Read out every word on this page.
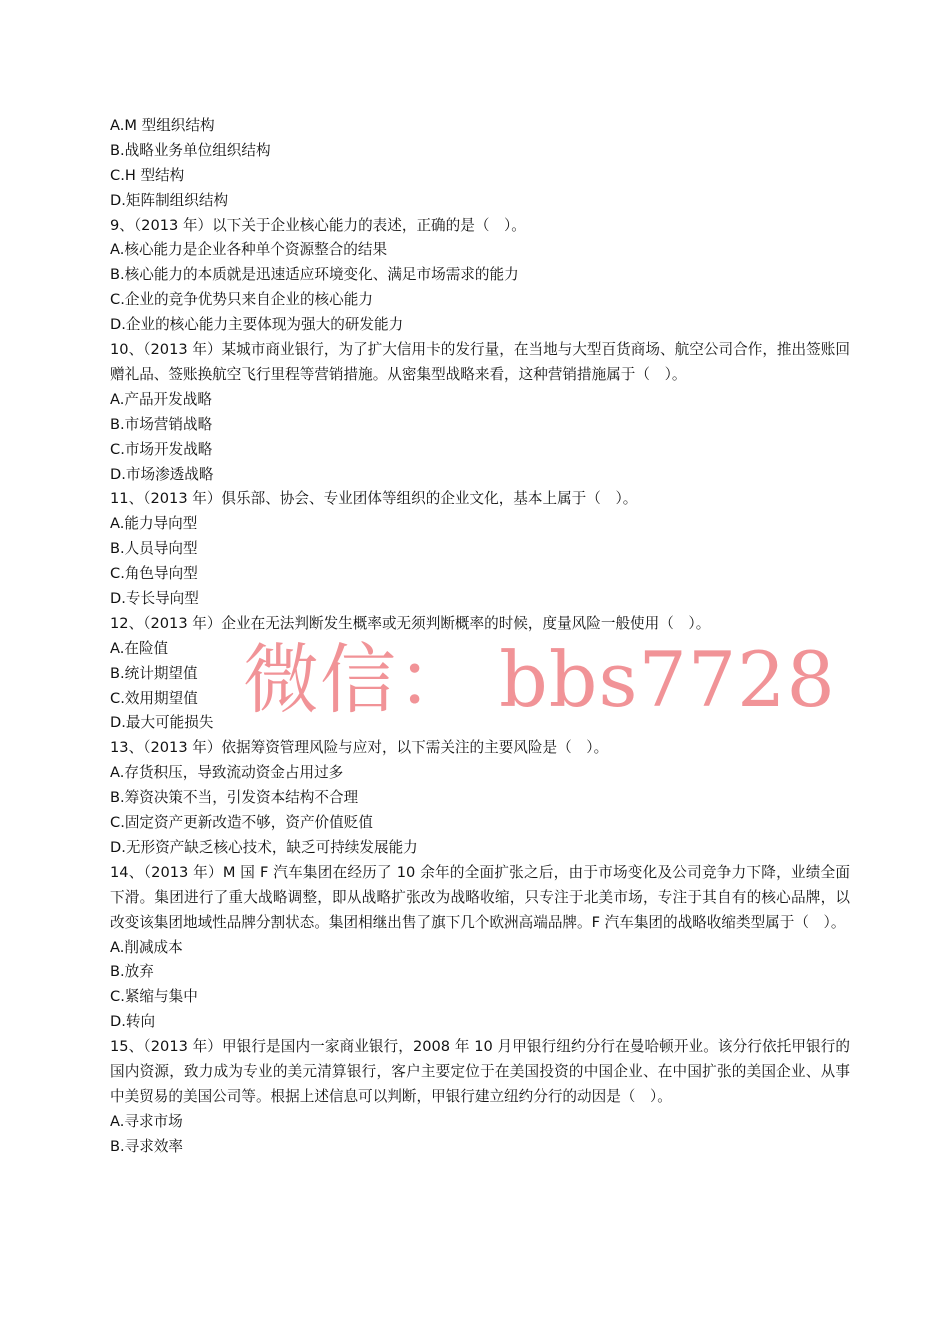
A.M 型组织结构
B.战略业务单位组织结构
C.H 型结构
D.矩阵制组织结构
9、（2013 年）以下关于企业核心能力的表述，正确的是（　）。
A.核心能力是企业各种单个资源整合的结果
B.核心能力的本质就是迅速适应环境变化、满足市场需求的能力
C.企业的竞争优势只来自企业的核心能力
D.企业的核心能力主要体现为强大的研发能力
10、（2013 年）某城市商业银行，为了扩大信用卡的发行量，在当地与大型百货商场、航空公司合作，推出签账回赠礼品、签账换航空飞行里程等营销措施。从密集型战略来看，这种营销措施属于（　）。
A.产品开发战略
B.市场营销战略
C.市场开发战略
D.市场渗透战略
11、（2013 年）俱乐部、协会、专业团体等组织的企业文化，基本上属于（　）。
A.能力导向型
B.人员导向型
C.角色导向型
D.专长导向型
12、（2013 年）企业在无法判断发生概率或无须判断概率的时候，度量风险一般使用（　）。
A.在险值
B.统计期望值
C.效用期望值
D.最大可能损失
13、（2013 年）依据筹资管理风险与应对，以下需关注的主要风险是（　）。
A.存货积压，导致流动资金占用过多
B.筹资决策不当，引发资本结构不合理
C.固定资产更新改造不够，资产价值贬值
D.无形资产缺乏核心技术，缺乏可持续发展能力
14、（2013 年）M 国 F 汽车集团在经历了 10 余年的全面扩张之后，由于市场变化及公司竞争力下降，业绩全面下滑。集团进行了重大战略调整，即从战略扩张改为战略收缩，只专注于北美市场，专注于其自有的核心品牌，以改变该集团地域性品牌分割状态。集团相继出售了旗下几个欧洲高端品牌。F 汽车集团的战略收缩类型属于（　）。
A.削减成本
B.放弃
C.紧缩与集中
D.转向
15、（2013 年）甲银行是国内一家商业银行，2008 年 10 月甲银行纽约分行在曼哈顿开业。该分行依托甲银行的国内资源，致力成为专业的美元清算银行，客户主要定位于在美国投资的中国企业、在中国扩张的美国企业、从事中美贸易的美国公司等。根据上述信息可以判断，甲银行建立纽约分行的动因是（　）。
A.寻求市场
B.寻求效率
微信： bbs7728
